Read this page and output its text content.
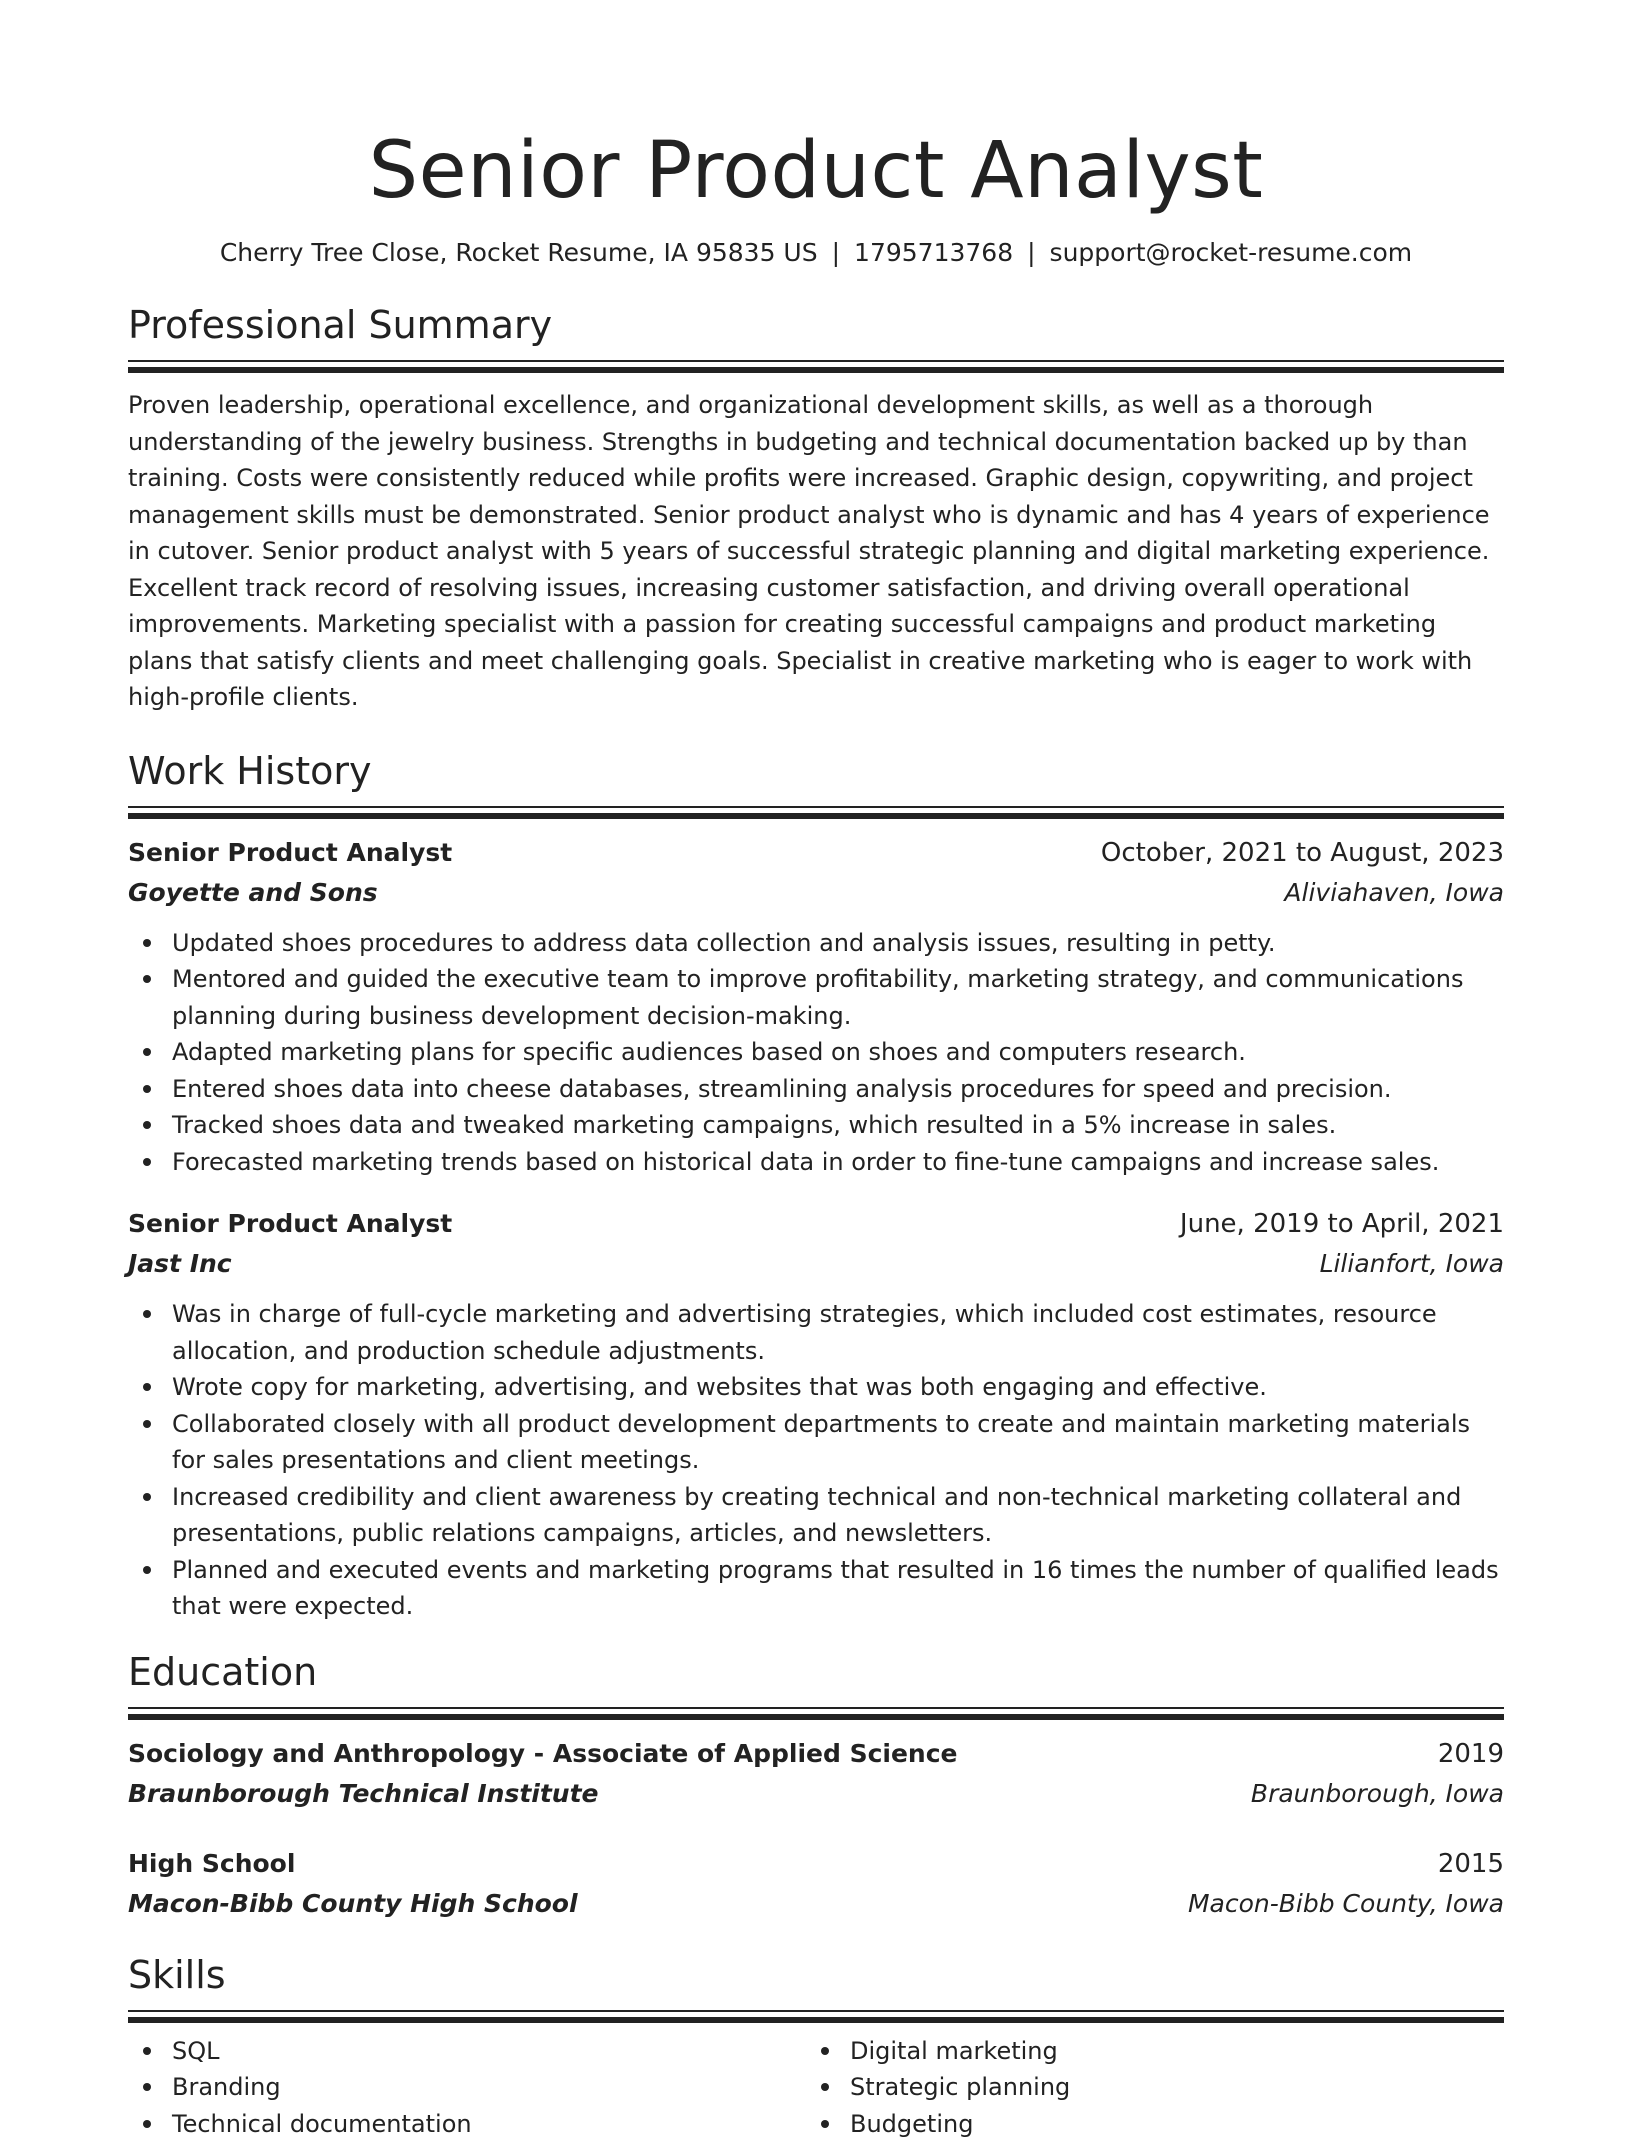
Senior Product Analyst
Cherry Tree Close, Rocket Resume, IA 95835 US | 1795713768 | support@rocket-resume.com
Professional Summary
Proven leadership, operational excellence, and organizational development skills, as well as a thorough understanding of the jewelry business. Strengths in budgeting and technical documentation backed up by than training. Costs were consistently reduced while profits were increased. Graphic design, copywriting, and project management skills must be demonstrated. Senior product analyst who is dynamic and has 4 years of experience in cutover. Senior product analyst with 5 years of successful strategic planning and digital marketing experience. Excellent track record of resolving issues, increasing customer satisfaction, and driving overall operational improvements. Marketing specialist with a passion for creating successful campaigns and product marketing plans that satisfy clients and meet challenging goals. Specialist in creative marketing who is eager to work with high-profile clients.
Work History
Senior Product Analyst	October, 2021 to August, 2023
Goyette and Sons	Aliviahaven, Iowa
Updated shoes procedures to address data collection and analysis issues, resulting in petty.
Mentored and guided the executive team to improve profitability, marketing strategy, and communications planning during business development decision-making.
Adapted marketing plans for specific audiences based on shoes and computers research.
Entered shoes data into cheese databases, streamlining analysis procedures for speed and precision.
Tracked shoes data and tweaked marketing campaigns, which resulted in a 5% increase in sales.
Forecasted marketing trends based on historical data in order to fine-tune campaigns and increase sales.
Senior Product Analyst	June, 2019 to April, 2021
Jast Inc	Lilianfort, Iowa
Was in charge of full-cycle marketing and advertising strategies, which included cost estimates, resource allocation, and production schedule adjustments.
Wrote copy for marketing, advertising, and websites that was both engaging and effective.
Collaborated closely with all product development departments to create and maintain marketing materials for sales presentations and client meetings.
Increased credibility and client awareness by creating technical and non-technical marketing collateral and presentations, public relations campaigns, articles, and newsletters.
Planned and executed events and marketing programs that resulted in 16 times the number of qualified leads that were expected.
Education
Sociology and Anthropology - Associate of Applied Science	2019
Braunborough Technical Institute	Braunborough, Iowa
High School	2015
Macon-Bibb County High School	Macon-Bibb County, Iowa
Skills
SQL
Branding
Technical documentation
Digital marketing
Strategic planning
Budgeting
